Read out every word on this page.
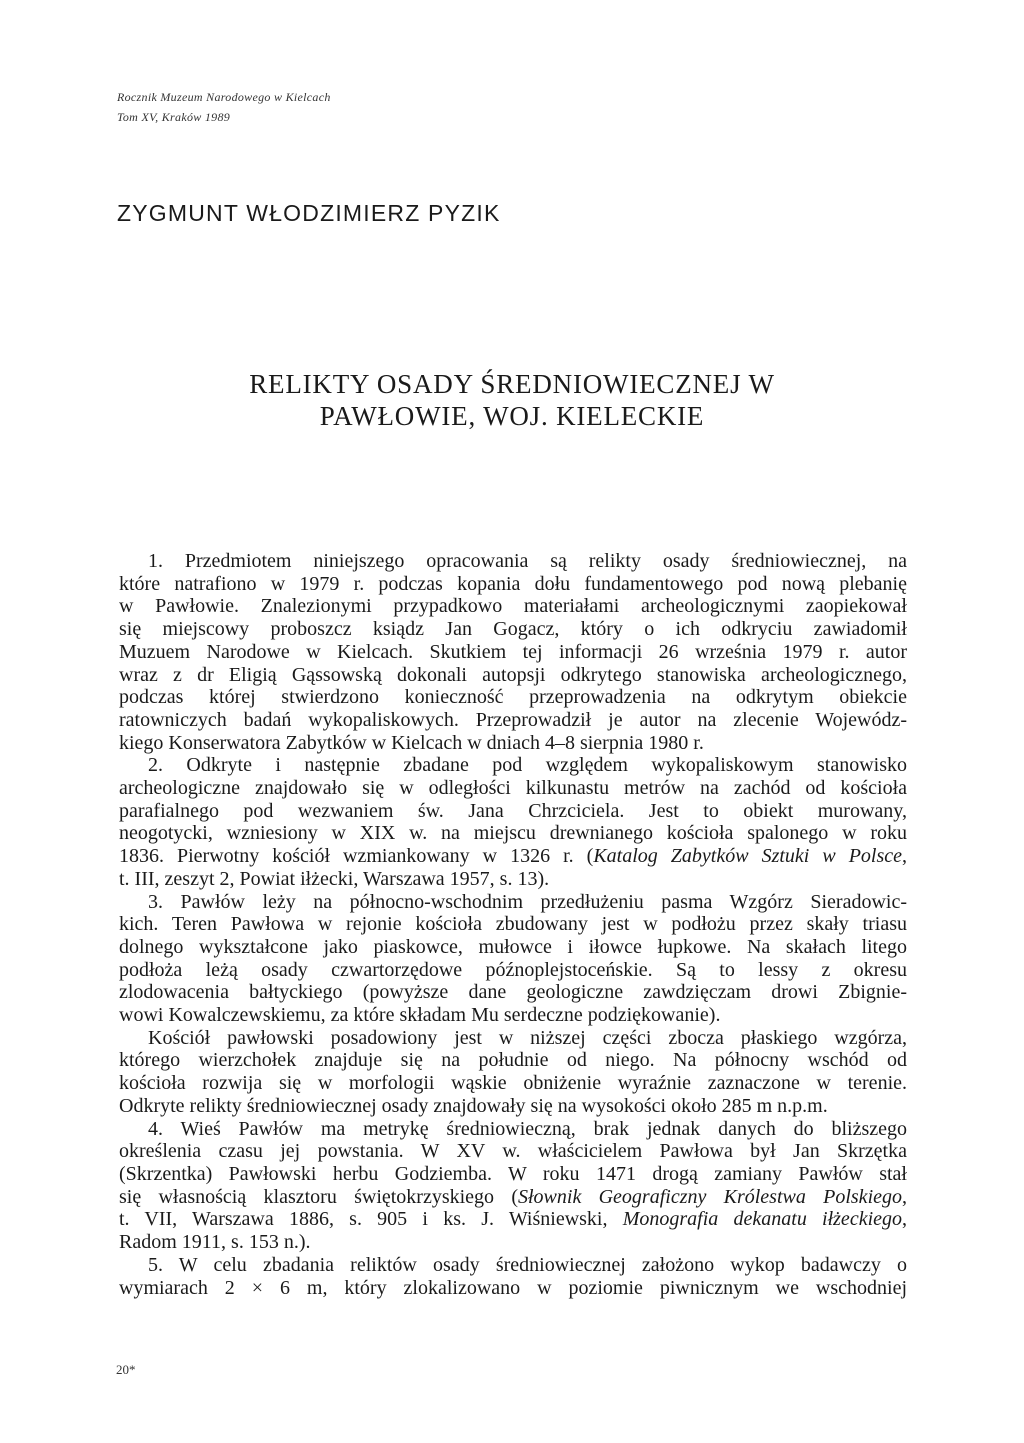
Rocznik Muzeum Narodowego w Kielcach
Tom XV, Kraków 1989
ZYGMUNT WŁODZIMIERZ PYZIK
RELIKTY OSADY ŚREDNIOWIECZNEJ W
PAWŁOWIE, WOJ. KIELECKIE
1. Przedmiotem niniejszego opracowania są relikty osady średniowiecznej, na
które natrafiono w 1979 r. podczas kopania dołu fundamentowego pod nową plebanię
w Pawłowie. Znalezionymi przypadkowo materiałami archeologicznymi zaopiekował
się miejscowy proboszcz ksiądz Jan Gogacz, który o ich odkryciu zawiadomił
Muzuem Narodowe w Kielcach. Skutkiem tej informacji 26 września 1979 r. autor
wraz z dr Eligią Gąssowską dokonali autopsji odkrytego stanowiska archeologicznego,
podczas której stwierdzono konieczność przeprowadzenia na odkrytym obiekcie
ratowniczych badań wykopaliskowych. Przeprowadził je autor na zlecenie Wojewódz-
kiego Konserwatora Zabytków w Kielcach w dniach 4–8 sierpnia 1980 r.
2. Odkryte i następnie zbadane pod względem wykopaliskowym stanowisko
archeologiczne znajdowało się w odległości kilkunastu metrów na zachód od kościoła
parafialnego pod wezwaniem św. Jana Chrzciciela. Jest to obiekt murowany,
neogotycki, wzniesiony w XIX w. na miejscu drewnianego kościoła spalonego w roku
1836. Pierwotny kościół wzmiankowany w 1326 r. (Katalog Zabytków Sztuki w Polsce,
t. III, zeszyt 2, Powiat iłżecki, Warszawa 1957, s. 13).
3. Pawłów leży na północno-wschodnim przedłużeniu pasma Wzgórz Sieradowic-
kich. Teren Pawłowa w rejonie kościoła zbudowany jest w podłożu przez skały triasu
dolnego wykształcone jako piaskowce, mułowce i iłowce łupkowe. Na skałach litego
podłoża leżą osady czwartorzędowe późnoplejstoceńskie. Są to lessy z okresu
zlodowacenia bałtyckiego (powyższe dane geologiczne zawdzięczam drowi Zbignie-
wowi Kowalczewskiemu, za które składam Mu serdeczne podziękowanie).
Kościół pawłowski posadowiony jest w niższej części zbocza płaskiego wzgórza,
którego wierzchołek znajduje się na południe od niego. Na północny wschód od
kościoła rozwija się w morfologii wąskie obniżenie wyraźnie zaznaczone w terenie.
Odkryte relikty średniowiecznej osady znajdowały się na wysokości około 285 m n.p.m.
4. Wieś Pawłów ma metrykę średniowieczną, brak jednak danych do bliższego
określenia czasu jej powstania. W XV w. właścicielem Pawłowa był Jan Skrzętka
(Skrzentka) Pawłowski herbu Godziemba. W roku 1471 drogą zamiany Pawłów stał
się własnością klasztoru świętokrzyskiego (Słownik Geograficzny Królestwa Polskiego,
t. VII, Warszawa 1886, s. 905 i ks. J. Wiśniewski, Monografia dekanatu iłżeckiego,
Radom 1911, s. 153 n.).
5. W celu zbadania reliktów osady średniowiecznej założono wykop badawczy o
wymiarach 2 × 6 m, który zlokalizowano w poziomie piwnicznym we wschodniej
20*
